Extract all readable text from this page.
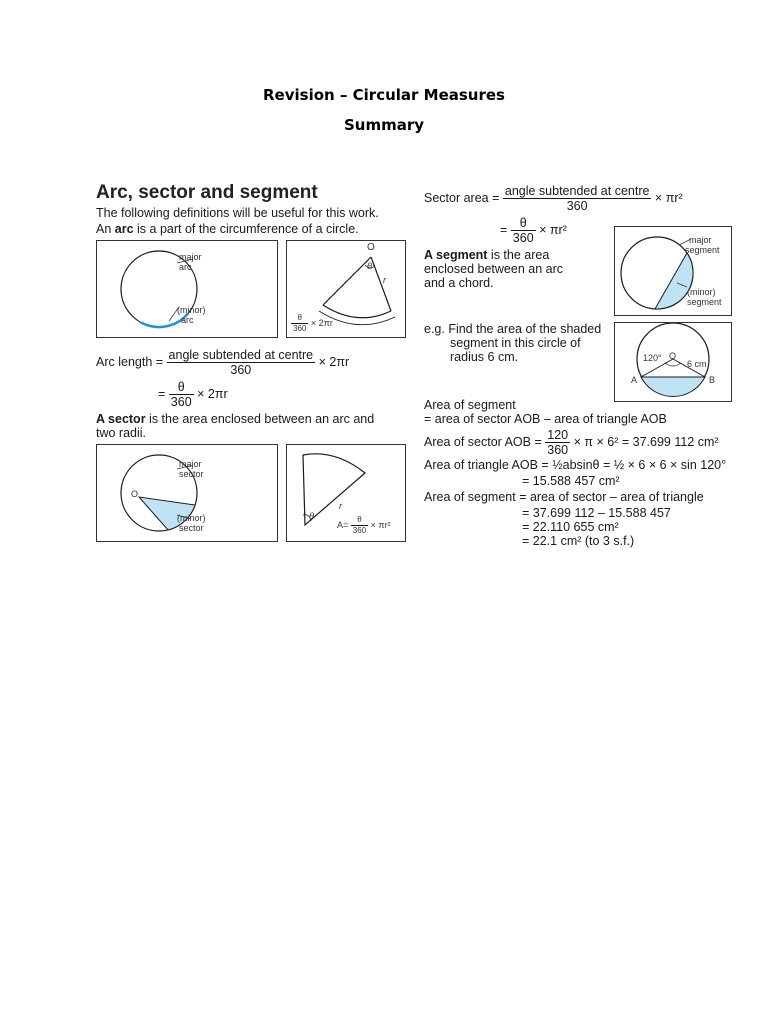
Revision – Circular Measures
Summary
Arc, sector and segment
The following definitions will be useful for this work.
An arc is a part of the circumference of a circle.
major
arc
(minor)
arc
O
θ
r
$\frac{\theta}{360} \times 2\pi r$
Arc length = $\frac{\text{angle subtended at centre}}{360} \times 2\pi r$
= $\frac{\theta}{360} \times 2\pi r$
A sector is the area enclosed between an arc and
two radii.
major
sector
O
(minor)
sector
θ
r
$A= \frac{\theta}{360} \times \pi r^2$
Sector area = $\frac{\text{angle subtended at centre}}{360} \times \pi r^2$
= $\frac{\theta}{360} \times \pi r^2$
A segment is the area
enclosed between an arc
and a chord.
major
segment
(minor)
segment
e.g. Find the area of the shaded
segment in this circle of
radius 6 cm.	120° O
6 cm
A	B
Area of segment
= area of sector AOB – area of triangle AOB
Area of sector AOB = $\frac{120}{360} \times \pi \times 6^2 = 37.699$ 112 cm²
Area of triangle AOB = ½absinθ = ½ × 6 × 6 × sin 120°
= 15.588 457 cm²
Area of segment = area of sector – area of triangle
= 37.699 112 – 15.588 457
= 22.110 655 cm²
= 22.1 cm² (to 3 s.f.)
